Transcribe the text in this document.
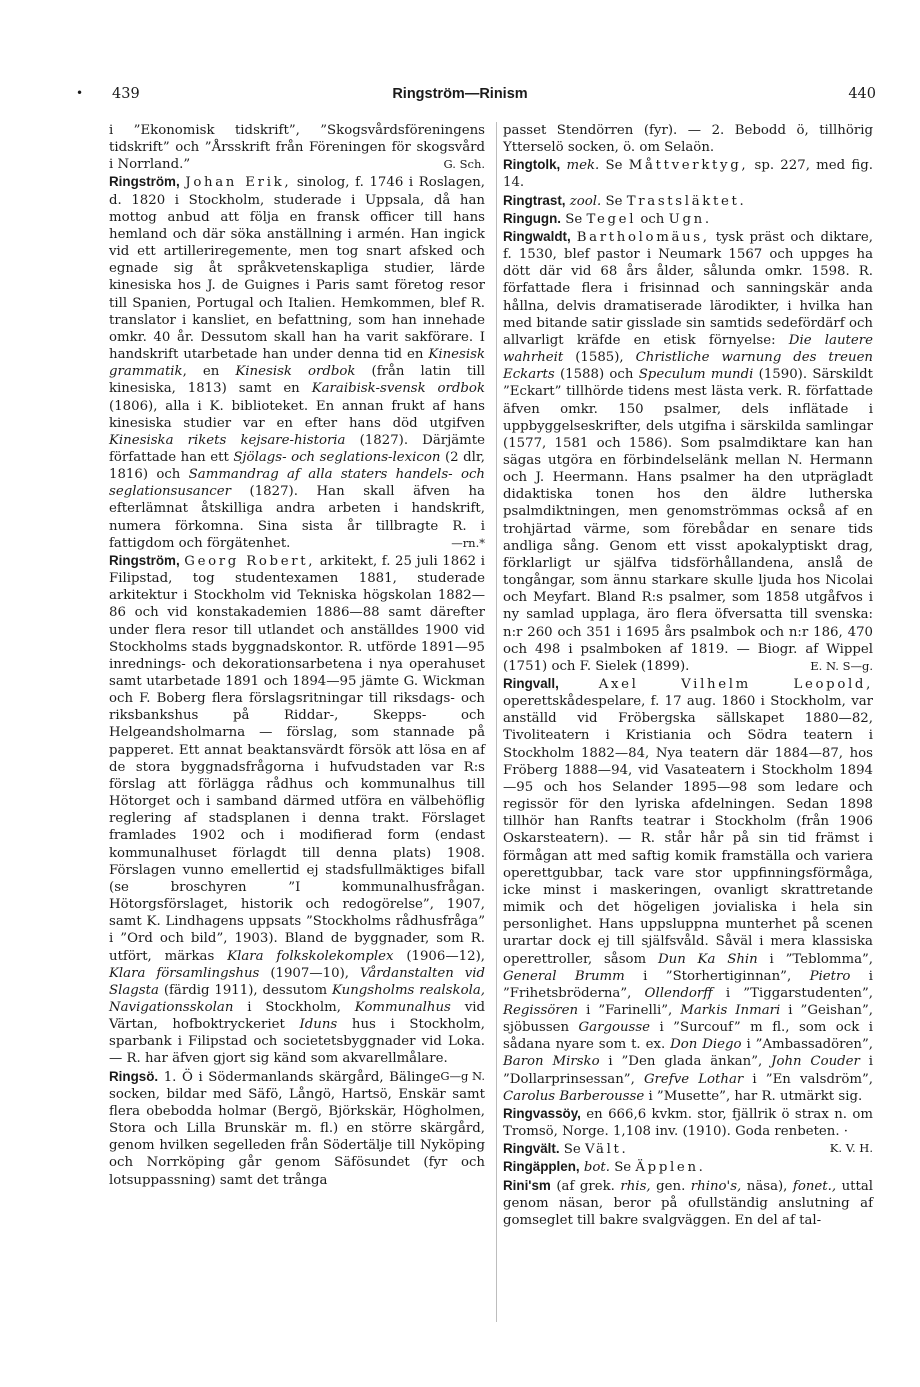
• 439	Ringström—Rinism	440

i ”Ekonomisk tidskrift”, ”Skogsvårdsföreningens tidskrift” och ”Årsskrift från Föreningen för skogsvård i Norrland.”	G. Sch.

Ringström, Johan Erik, sinolog, f. 1746 i Roslagen, d. 1820 i Stockholm, studerade i Uppsala, då han mottog anbud att följa en fransk officer till hans hemland och där söka anställning i armén. Han ingick vid ett artilleriregemente, men tog snart afsked och egnade sig åt språkvetenskapliga studier, lärde kinesiska hos J. de Guignes i Paris samt företog resor till Spanien, Portugal och Italien. Hemkommen, blef R. translator i kansliet, en befattning, som han innehade omkr. 40 år. Dessutom skall han ha varit sakförare. I handskrift utarbetade han under denna tid en Kinesisk grammatik, en Kinesisk ordbok (från latin till kinesiska, 1813) samt en Karaibisk-svensk ordbok (1806), alla i K. biblioteket. En annan frukt af hans kinesiska studier var en efter hans död utgifven Kinesiska rikets kejsare-historia (1827). Därjämte författade han ett Sjölags- och seglations-lexicon (2 dlr, 1816) och Sammandrag af alla staters handels- och seglationsusancer (1827). Han skall äfven ha efterlämnat åtskilliga andra arbeten i handskrift, numera förkomna. Sina sista år tillbragte R. i fattigdom och förgätenhet.	—rn.*

Ringström, Georg Robert, arkitekt, f. 25 juli 1862 i Filipstad, tog studentexamen 1881, studerade arkitektur i Stockholm vid Tekniska högskolan 1882—86 och vid konstakademien 1886—88 samt därefter under flera resor till utlandet och anställdes 1900 vid Stockholms stads byggnadskontor. R. utförde 1891—95 inrednings- och dekorationsarbetena i nya operahuset samt utarbetade 1891 och 1894—95 jämte G. Wickman och F. Boberg flera förslagsritningar till riksdags- och riksbankshus på Riddar-, Skepps- och Helgeandsholmarna — förslag, som stannade på papperet. Ett annat beaktansvärdt försök att lösa en af de stora byggnadsfrågorna i hufvudstaden var R:s förslag att förlägga rådhus och kommunalhus till Hötorget och i samband därmed utföra en välbehöflig reglering af stadsplanen i denna trakt. Förslaget framlades 1902 och i modifierad form (endast kommunalhuset förlagdt till denna plats) 1908. Förslagen vunno emellertid ej stadsfullmäktiges bifall (se broschyren ”I kommunalhusfrågan. Hötorgsförslaget, historik och redogörelse”, 1907, samt K. Lindhagens uppsats ”Stockholms rådhusfråga” i ”Ord och bild”, 1903). Bland de byggnader, som R. utfört, märkas Klara folkskolekomplex (1906—12), Klara församlingshus (1907—10), Vårdanstalten vid Slagsta (färdig 1911), dessutom Kungsholms realskola, Navigationsskolan i Stockholm, Kommunalhus vid Värtan, hofboktryckeriet Iduns hus i Stockholm, sparbank i Filipstad och societetsbyggnader vid Loka. — R. har äfven gjort sig känd som akvarellmålare.
G—g N.

Ringsö. 1. Ö i Södermanlands skärgård, Bälinge socken, bildar med Säfö, Långö, Hartsö, Enskär samt flera obebodda holmar (Bergö, Björkskär, Högholmen, Stora och Lilla Brunskär m. fl.) en större skärgård, genom hvilken segelleden från Södertälje till Nyköping och Norrköping går genom Säfösundet (fyr och lotsuppassning) samt det trånga

passet Stendörren (fyr). — 2. Bebodd ö, tillhörig Ytterselö socken, ö. om Selaön.

Ringtolk, mek. Se Måttverktyg, sp. 227, med fig. 14.

Ringtrast, zool. Se Trastsläktet.

Ringugn. Se Tegel och Ugn.

Ringwaldt, Bartholomäus, tysk präst och diktare, f. 1530, blef pastor i Neumark 1567 och uppges ha dött där vid 68 års ålder, sålunda omkr. 1598. R. författade flera i frisinnad och sanningskär anda hållna, delvis dramatiserade lärodikter, i hvilka han med bitande satir gisslade sin samtids sedefördärf och allvarligt kräfde en etisk förnyelse: Die lautere wahrheit (1585), Christliche warnung des treuen Eckarts (1588) och Speculum mundi (1590). Särskildt ”Eckart” tillhörde tidens mest lästa verk. R. författade äfven omkr. 150 psalmer, dels inflätade i uppbyggelseskrifter, dels utgifna i särskilda samlingar (1577, 1581 och 1586). Som psalmdiktare kan han sägas utgöra en förbindelselänk mellan N. Hermann och J. Heermann. Hans psalmer ha den utprägladt didaktiska tonen hos den äldre lutherska psalmdiktningen, men genomströmmas också af en trohjärtad värme, som förebådar en senare tids andliga sång. Genom ett visst apokalyptiskt drag, förklarligt ur själfva tidsförhållandena, anslå de tongångar, som ännu starkare skulle ljuda hos Nicolai och Meyfart. Bland R:s psalmer, som 1858 utgåfvos i ny samlad upplaga, äro flera öfversatta till svenska: n:r 260 och 351 i 1695 års psalmbok och n:r 186, 470 och 498 i psalmboken af 1819. — Biogr. af Wippel (1751) och F. Sielek (1899).	E. N. S—g.

Ringvall,	Axel Vilhelm Leopold, operettskådespelare, f. 17 aug. 1860 i Stockholm, var anställd vid Fröbergska sällskapet 1880—82, Tivoliteatern i Kristiania och Södra teatern i Stockholm 1882—84, Nya teatern där 1884—87, hos Fröberg 1888—94, vid Vasateatern i Stockholm 1894—95 och hos Selander 1895—98 som ledare och regissör för den lyriska afdelningen. Sedan 1898 tillhör han Ranfts teatrar i Stockholm (från 1906 Oskarsteatern). — R. står hår på sin tid främst i förmågan att med saftig komik framställa och variera operettgubbar, tack vare stor uppfinningsförmåga, icke minst i maskeringen, ovanligt skrattretande mimik och det högeligen jovialiska i hela sin personlighet. Hans uppsluppna munterhet på scenen urartar dock ej till själfsvåld. Såväl i mera klassiska operettroller, såsom Dun Ka Shin i ”Teblomma”, General Brumm i ”Storhertiginnan”, Pietro i ”Frihetsbröderna”, Ollendorff i ”Tiggarstudenten”, Regissören i ”Farinelli”, Markis Inmari i ”Geishan”, sjöbussen Gargousse i ”Surcouf” m fl., som ock i sådana nyare som t. ex. Don Diego i ”Ambassadören”, Baron Mirsko i ”Den glada änkan”, John Couder i ”Dollarprinsessan”, Grefve Lothar i ”En valsdröm”, Carolus Barberousse i ”Musette”, har R. utmärkt sig.

Ringvassöy, en 666,6 kvkm. stor, fjällrik ö strax n. om Tromsö, Norge. 1,108 inv. (1910). Goda renbeten. ·
K. V. H.

Ringvält. Se Vält.

Ringäpplen, bot. Se Äpplen.

Rini'sm (af grek. rhis, gen. rhino's, näsa), fonet., uttal genom näsan, beror på ofullständig anslutning af gomseglet till bakre svalgväggen. En del af tal-
